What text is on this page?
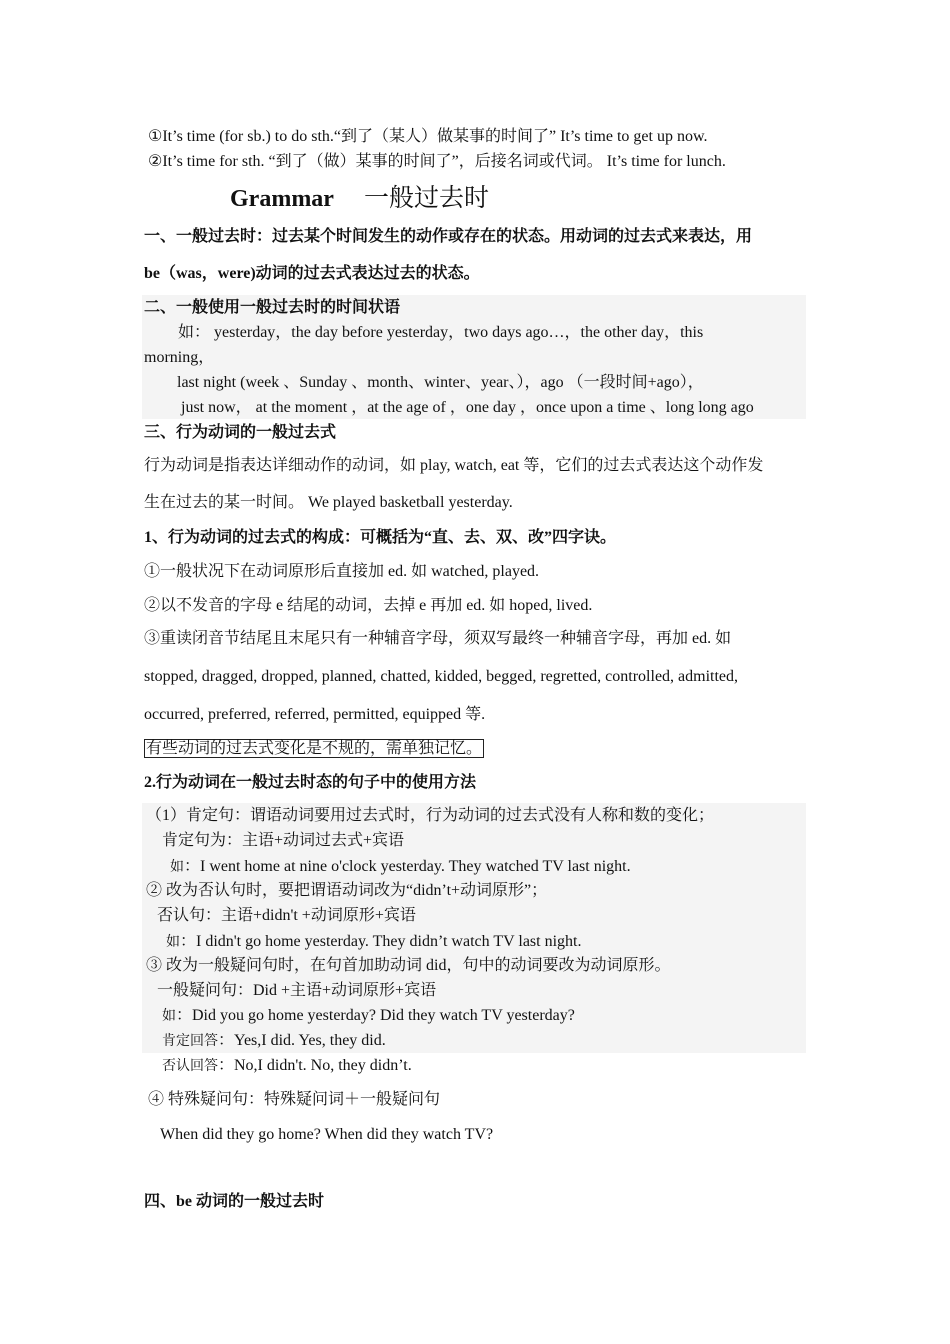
①It’s time (for sb.) to do sth.“到了（某人）做某事的时间了” It’s time to get up now.
②It’s time for sth. “到了（做）某事的时间了”，后接名词或代词。 It’s time for lunch.
Grammar 一般过去时
一、一般过去时：过去某个时间发生的动作或存在的状态。用动词的过去式来表达，用
be（was，were)动词的过去式表达过去的状态。
二、一般使用一般过去时的时间状语
如： yesterday，the day before yesterday，two days ago…，the other day，this
morning，
last night (week 、Sunday 、month、winter、year、），ago （一段时间+ago），
just now， at the moment ，at the age of ，one day ，once upon a time 、long long ago
三、行为动词的一般过去式
行为动词是指表达详细动作的动词，如 play, watch, eat 等，它们的过去式表达这个动作发
生在过去的某一时间。 We played basketball yesterday.
1、行为动词的过去式的构成：可概括为“直、去、双、改”四字诀。
①一般状况下在动词原形后直接加 ed. 如 watched, played.
②以不发音的字母 e 结尾的动词，去掉 e 再加 ed. 如 hoped, lived.
③重读闭音节结尾且末尾只有一种辅音字母，须双写最终一种辅音字母，再加 ed. 如
stopped, dragged, dropped, planned, chatted, kidded, begged, regretted, controlled, admitted,
occurred, preferred, referred, permitted, equipped 等.
有些动词的过去式变化是不规的，需单独记忆。
2.行为动词在一般过去时态的句子中的使用方法
（1）肯定句：谓语动词要用过去式时，行为动词的过去式没有人称和数的变化；
肯定句为：主语+动词过去式+宾语
如：I went home at nine o'clock yesterday. They watched TV last night.
② 改为否认句时，要把谓语动词改为“didn’t+动词原形”；
否认句：主语+didn't +动词原形+宾语
如：I didn't go home yesterday. They didn’t watch TV last night.
③ 改为一般疑问句时，在句首加助动词 did，句中的动词要改为动词原形。
一般疑问句：Did +主语+动词原形+宾语
如：Did you go home yesterday? Did they watch TV yesterday?
肯定回答：Yes,I did. Yes, they did.
否认回答：No,I didn't. No, they didn’t.
④ 特殊疑问句：特殊疑问词＋一般疑问句
When did they go home? When did they watch TV?
四、be 动词的一般过去时
